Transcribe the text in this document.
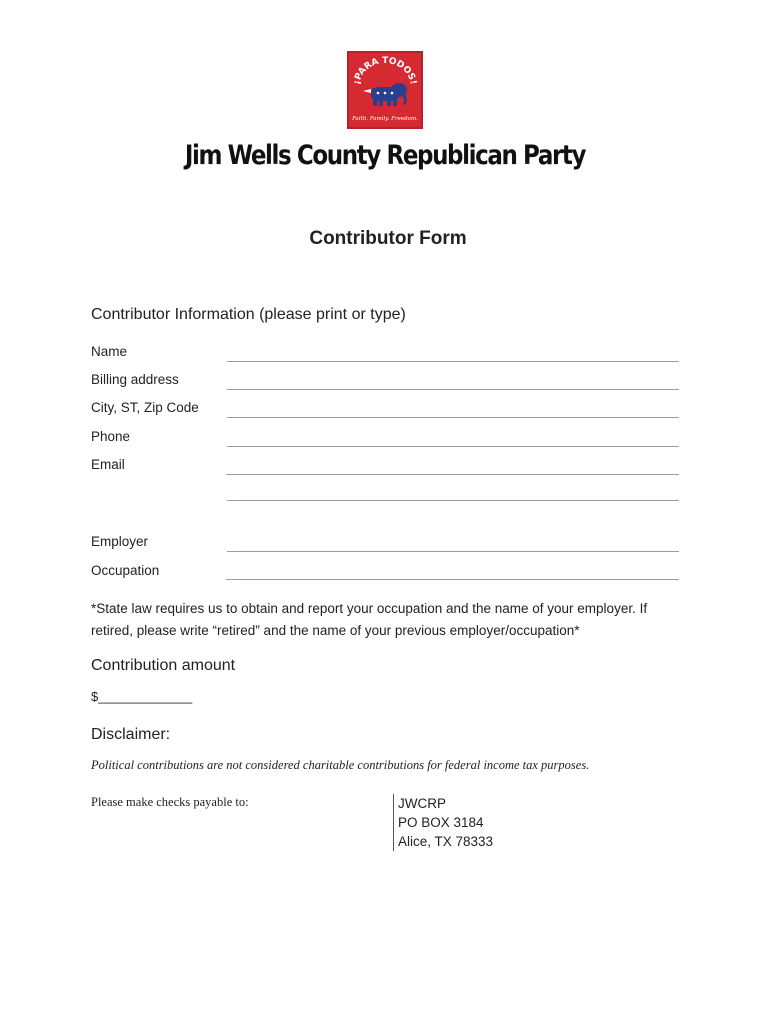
¡PARA TODOS!
Faith. Family. Freedom.
Jim Wells County Republican Party
Contributor Form
Contributor Information (please print or type)
Name
Billing address
City, ST, Zip Code
Phone
Email
Employer
Occupation
*State law requires us to obtain and report your occupation and the name of your employer. If retired, please write “retired” and the name of your previous employer/occupation*
Contribution amount
$_____________
Disclaimer:
Political contributions are not considered charitable contributions for federal income tax purposes.
Please make checks payable to:	JWCRP
PO BOX 3184
Alice, TX 78333
